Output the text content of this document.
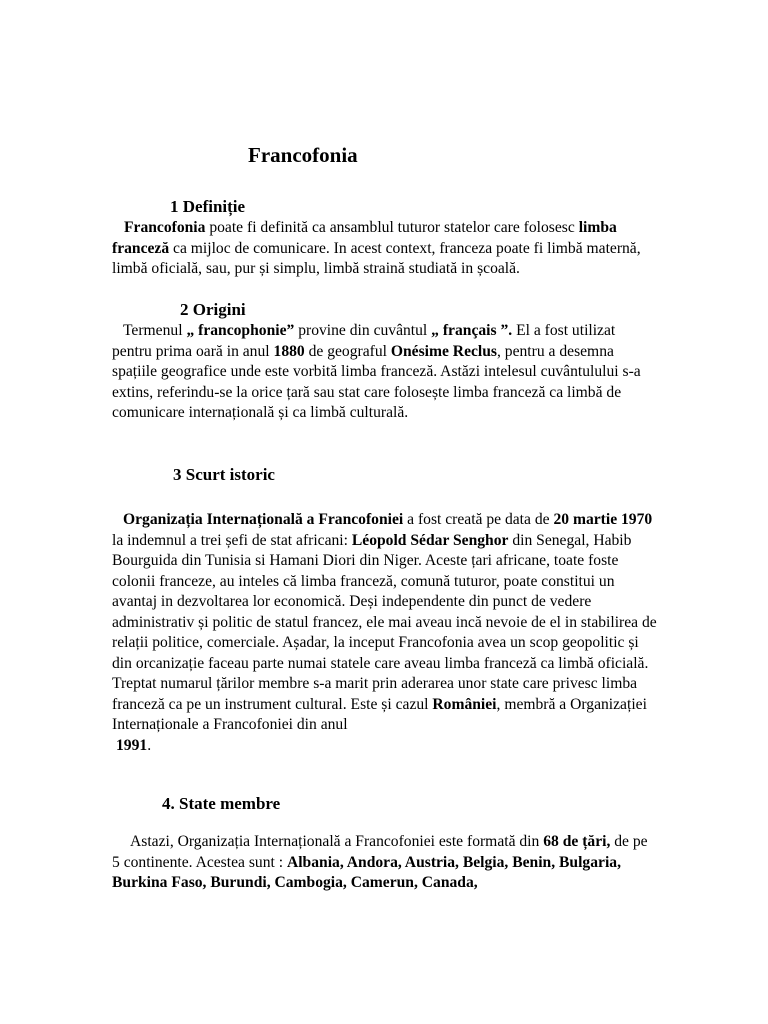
Francofonia
1 Definiție

Francofonia poate fi definită ca ansamblul tuturor statelor care folosesc limba franceză ca mijloc de comunicare. In acest context, franceza poate fi limbă maternă, limbă oficială, sau, pur și simplu, limbă straină studiată in școală.

2 Origini

Termenul „ francophonie” provine din cuvântul „ français ”. El a fost utilizat pentru prima oară in anul 1880 de geograful Onésime Reclus, pentru a desemna spațiile geografice unde este vorbită limba franceză. Astăzi intelesul cuvântulului s-a extins, referindu-se la orice țară sau stat care folosește limba franceză ca limbă de comunicare internațională și ca limbă culturală.

3 Scurt istoric

Organizația Internațională a Francofoniei a fost creată pe data de 20 martie 1970 la indemnul a trei șefi de stat africani: Léopold Sédar Senghor din Senegal, Habib Bourguida din Tunisia si Hamani Diori din Niger. Aceste țari africane, toate foste colonii franceze, au inteles că limba franceză, comună tuturor, poate constitui un avantaj in dezvoltarea lor economică. Deși independente din punct de vedere administrativ și politic de statul francez, ele mai aveau incă nevoie de el in stabilirea de relații politice, comerciale. Așadar, la inceput Francofonia avea un scop geopolitic și din orcanizație faceau parte numai statele care aveau limba franceză ca limbă oficială. Treptat numarul țărilor membre s-a marit prin aderarea unor state care privesc limba franceză ca pe un instrument cultural. Este și cazul României, membră a Organizației Internaționale a Francofoniei din anul
1991.

4. State membre

Astazi, Organizația Internațională a Francofoniei este formată din 68 de țări, de pe 5 continente. Acestea sunt : Albania, Andora, Austria, Belgia, Benin, Bulgaria, Burkina Faso, Burundi, Cambogia, Camerun, Canada,
